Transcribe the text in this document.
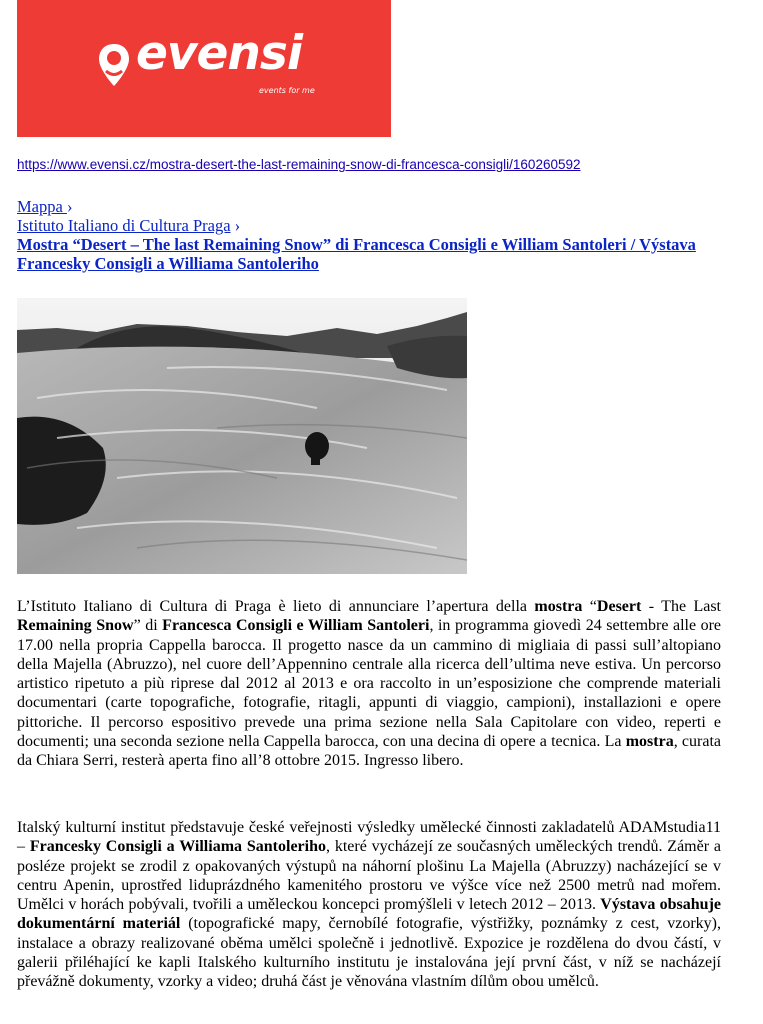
evensi
events for me
https://www.evensi.cz/mostra-desert-the-last-remaining-snow-di-francesca-consigli/160260592
Mappa ›
Istituto Italiano di Cultura Praga ›
Mostra “Desert – The last Remaining Snow” di Francesca Consigli e William Santoleri / Výstava Francesky Consigli a Williama Santoleriho

L’Istituto Italiano di Cultura di Praga è lieto di annunciare l’apertura della mostra “Desert - The Last Remaining Snow” di Francesca Consigli e William Santoleri, in programma giovedì 24 settembre alle ore 17.00 nella propria Cappella barocca. Il progetto nasce da un cammino di migliaia di passi sull’altopiano della Majella (Abruzzo), nel cuore dell’Appennino centrale alla ricerca dell’ultima neve estiva. Un percorso artistico ripetuto a più riprese dal 2012 al 2013 e ora raccolto in un’esposizione che comprende materiali documentari (carte topografiche, fotografie, ritagli, appunti di viaggio, campioni), installazioni e opere pittoriche. Il percorso espositivo prevede una prima sezione nella Sala Capitolare con video, reperti e documenti; una seconda sezione nella Cappella barocca, con una decina di opere a tecnica. La mostra, curata da Chiara Serri, resterà aperta fino all’8 ottobre 2015. Ingresso libero.

Italský kulturní institut představuje české veřejnosti výsledky umělecké činnosti zakladatelů ADAMstudia11 – Francesky Consigli a Williama Santoleriho, které vycházejí ze současných uměleckých trendů. Záměr a posléze projekt se zrodil z opakovaných výstupů na náhorní plošinu La Majella (Abruzzy) nacházející se v centru Apenin, uprostřed liduprázdného kamenitého prostoru ve výšce více než 2500 metrů nad mořem. Umělci v horách pobývali, tvořili a uměleckou koncepci promýšleli v letech 2012 – 2013. Výstava obsahuje dokumentární materiál (topografické mapy, černobílé fotografie, výstřižky, poznámky z cest, vzorky), instalace a obrazy realizované oběma umělci společně i jednotlivě. Expozice je rozdělena do dvou částí, v galerii přiléhající ke kapli Italského kulturního institutu je instalována její první část, v níž se nacházejí převážně dokumenty, vzorky a video; druhá část je věnována vlastním dílům obou umělců.
